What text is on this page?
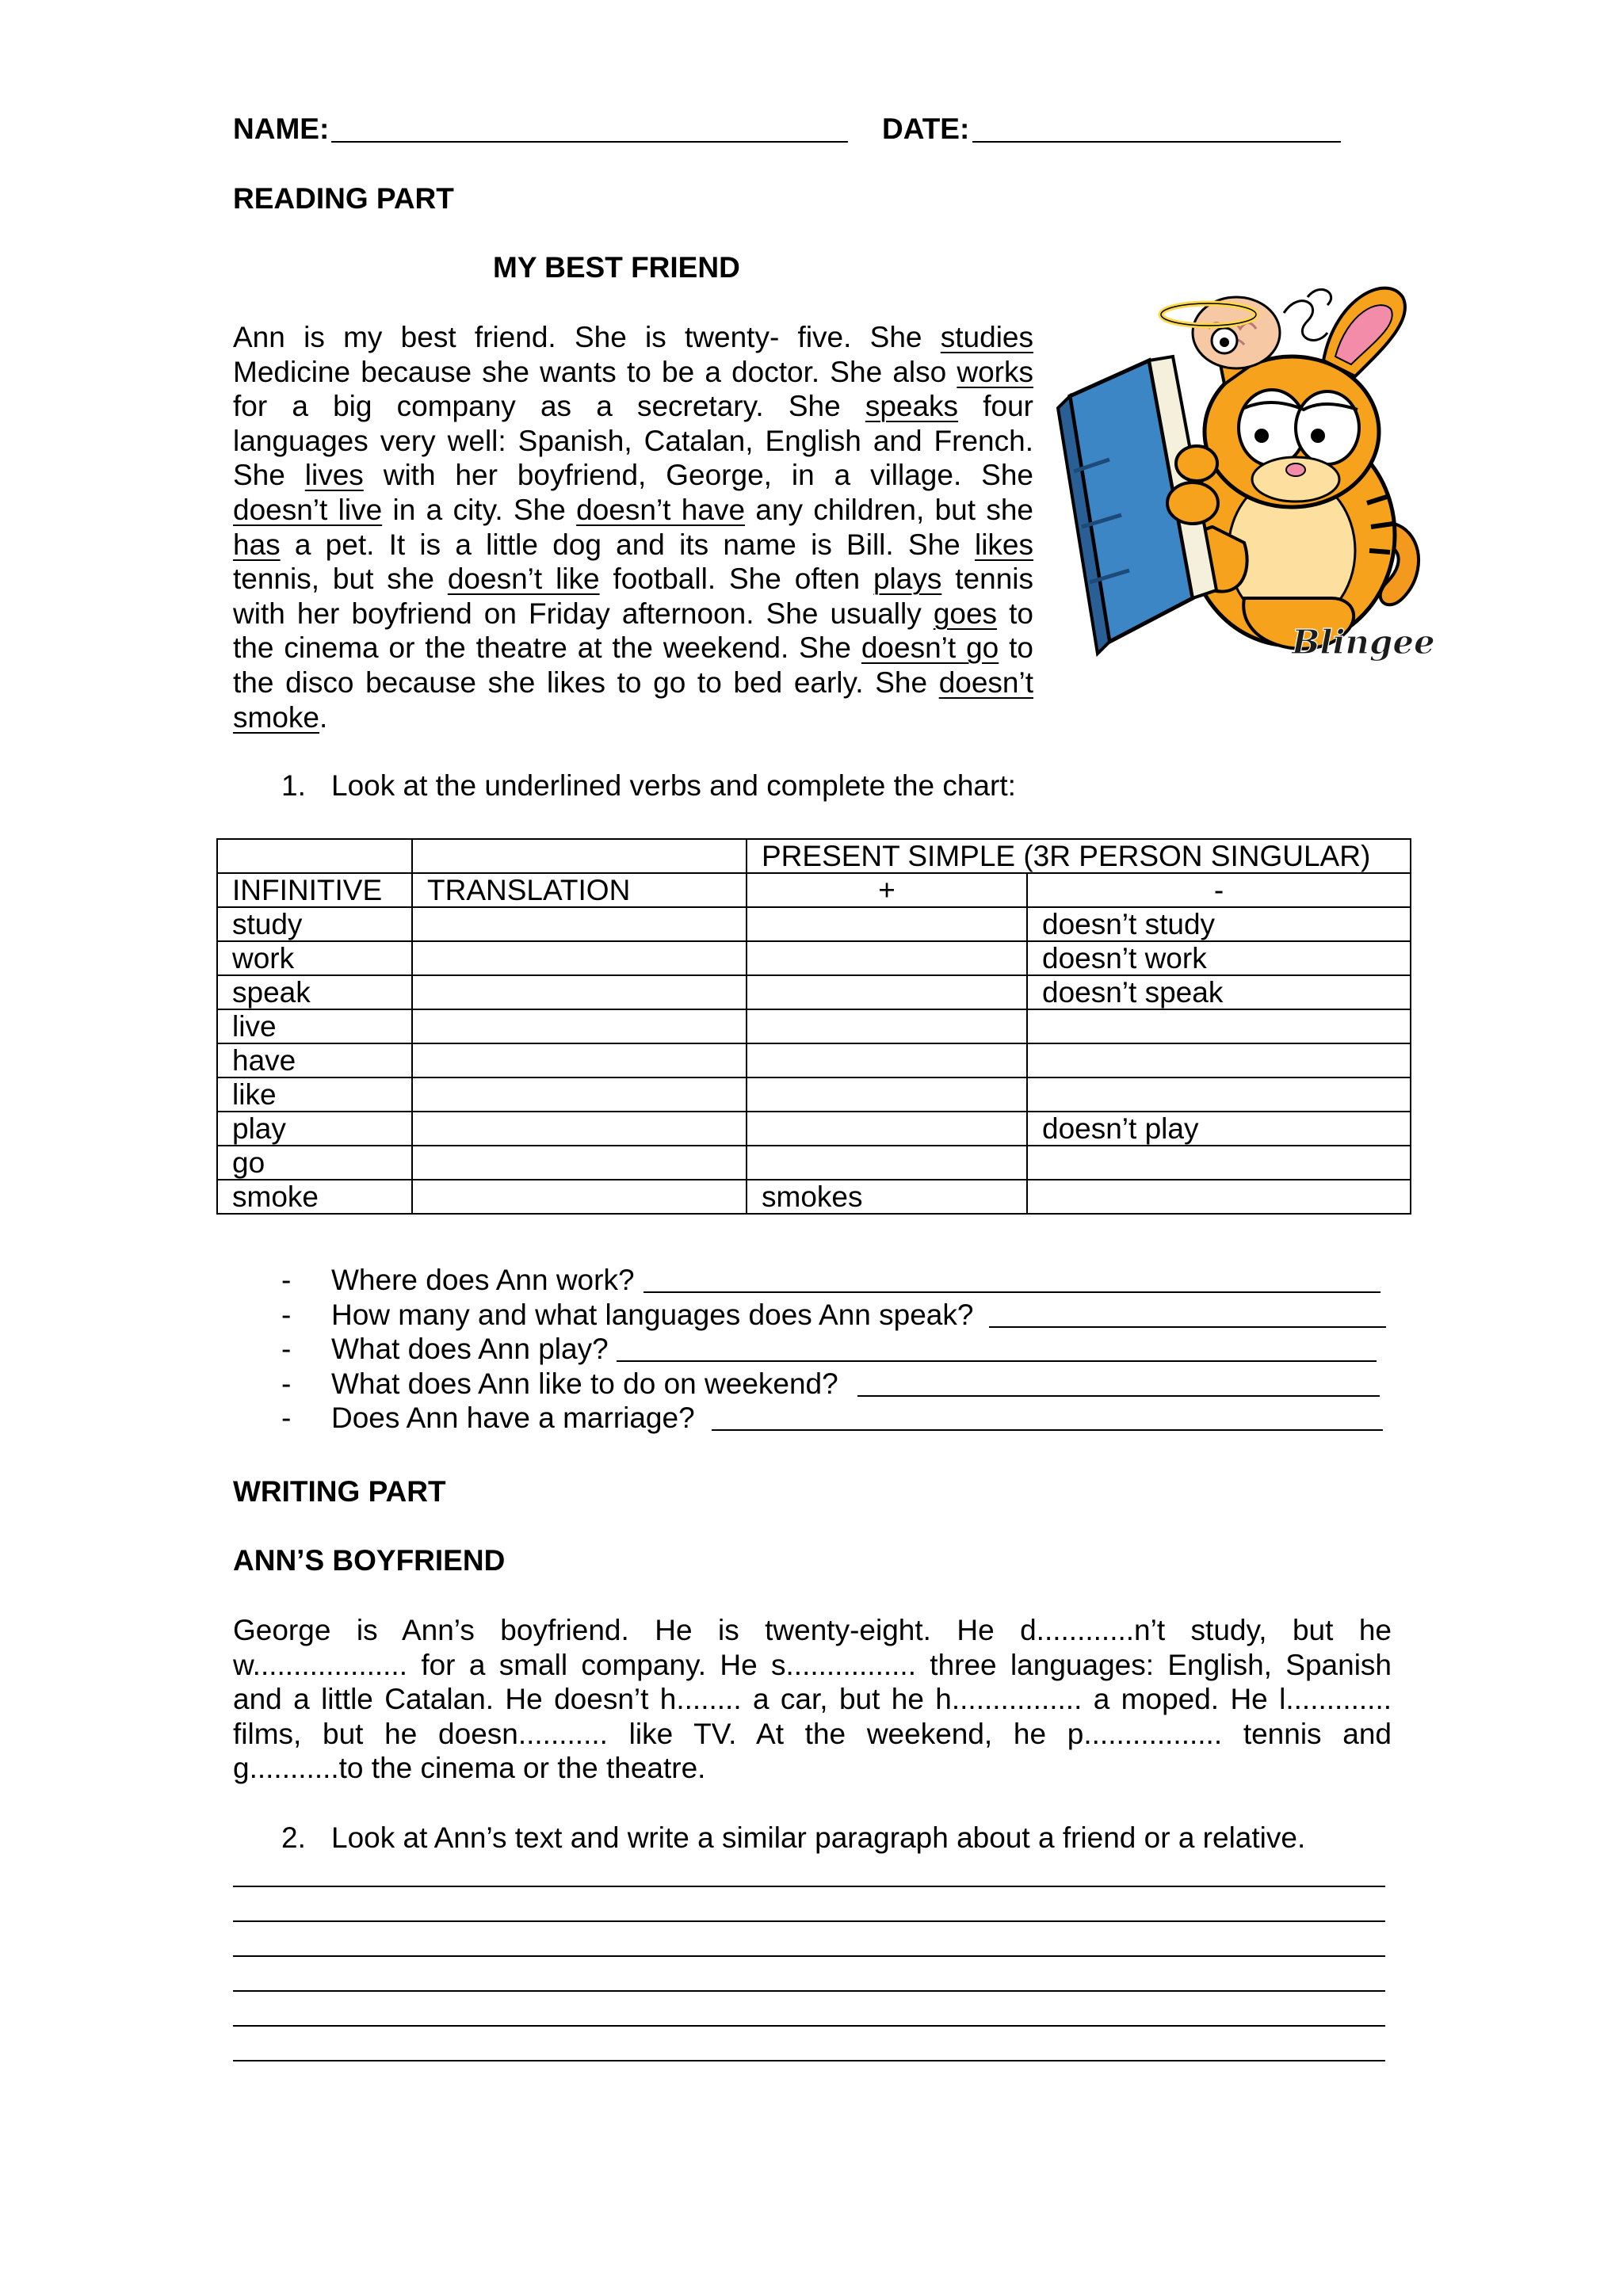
NAME:	DATE:
READING PART
MY BEST FRIEND
Ann is my best friend. She is twenty- five. She studies
Medicine because she wants to be a doctor. She also works
for a big company as a secretary. She speaks four
languages very well: Spanish, Catalan, English and French.
She lives with her boyfriend, George, in a village. She
doesn’t live in a city. She doesn’t have any children, but she
has a pet. It is a little dog and its name is Bill. She likes
tennis, but she doesn’t like football. She often plays tennis
with her boyfriend on Friday afternoon. She usually goes to
the cinema or the theatre at the weekend. She doesn’t go to
the disco because she likes to go to bed early. She doesn’t
smoke.
Blingee
1. Look at the underlined verbs and complete the chart:
		PRESENT SIMPLE (3R PERSON SINGULAR)	
INFINITIVE	TRANSLATION	+	-
study			doesn’t study
work			doesn’t work
speak			doesn’t speak
live			
have			
like			
play			doesn’t play
go			
smoke		smokes	
- Where does Ann work?
- How many and what languages does Ann speak?
- What does Ann play?
- What does Ann like to do on weekend?
- Does Ann have a marriage?
WRITING PART
ANN’S BOYFRIEND
George is Ann’s boyfriend. He is twenty-eight. He d............n’t study, but he
w................... for a small company. He s................ three languages: English, Spanish
and a little Catalan. He doesn’t h........ a car, but he h................ a moped. He l.............
films, but he doesn........... like TV. At the weekend, he p................. tennis and
g...........to the cinema or the theatre.
2. Look at Ann’s text and write a similar paragraph about a friend or a relative.
